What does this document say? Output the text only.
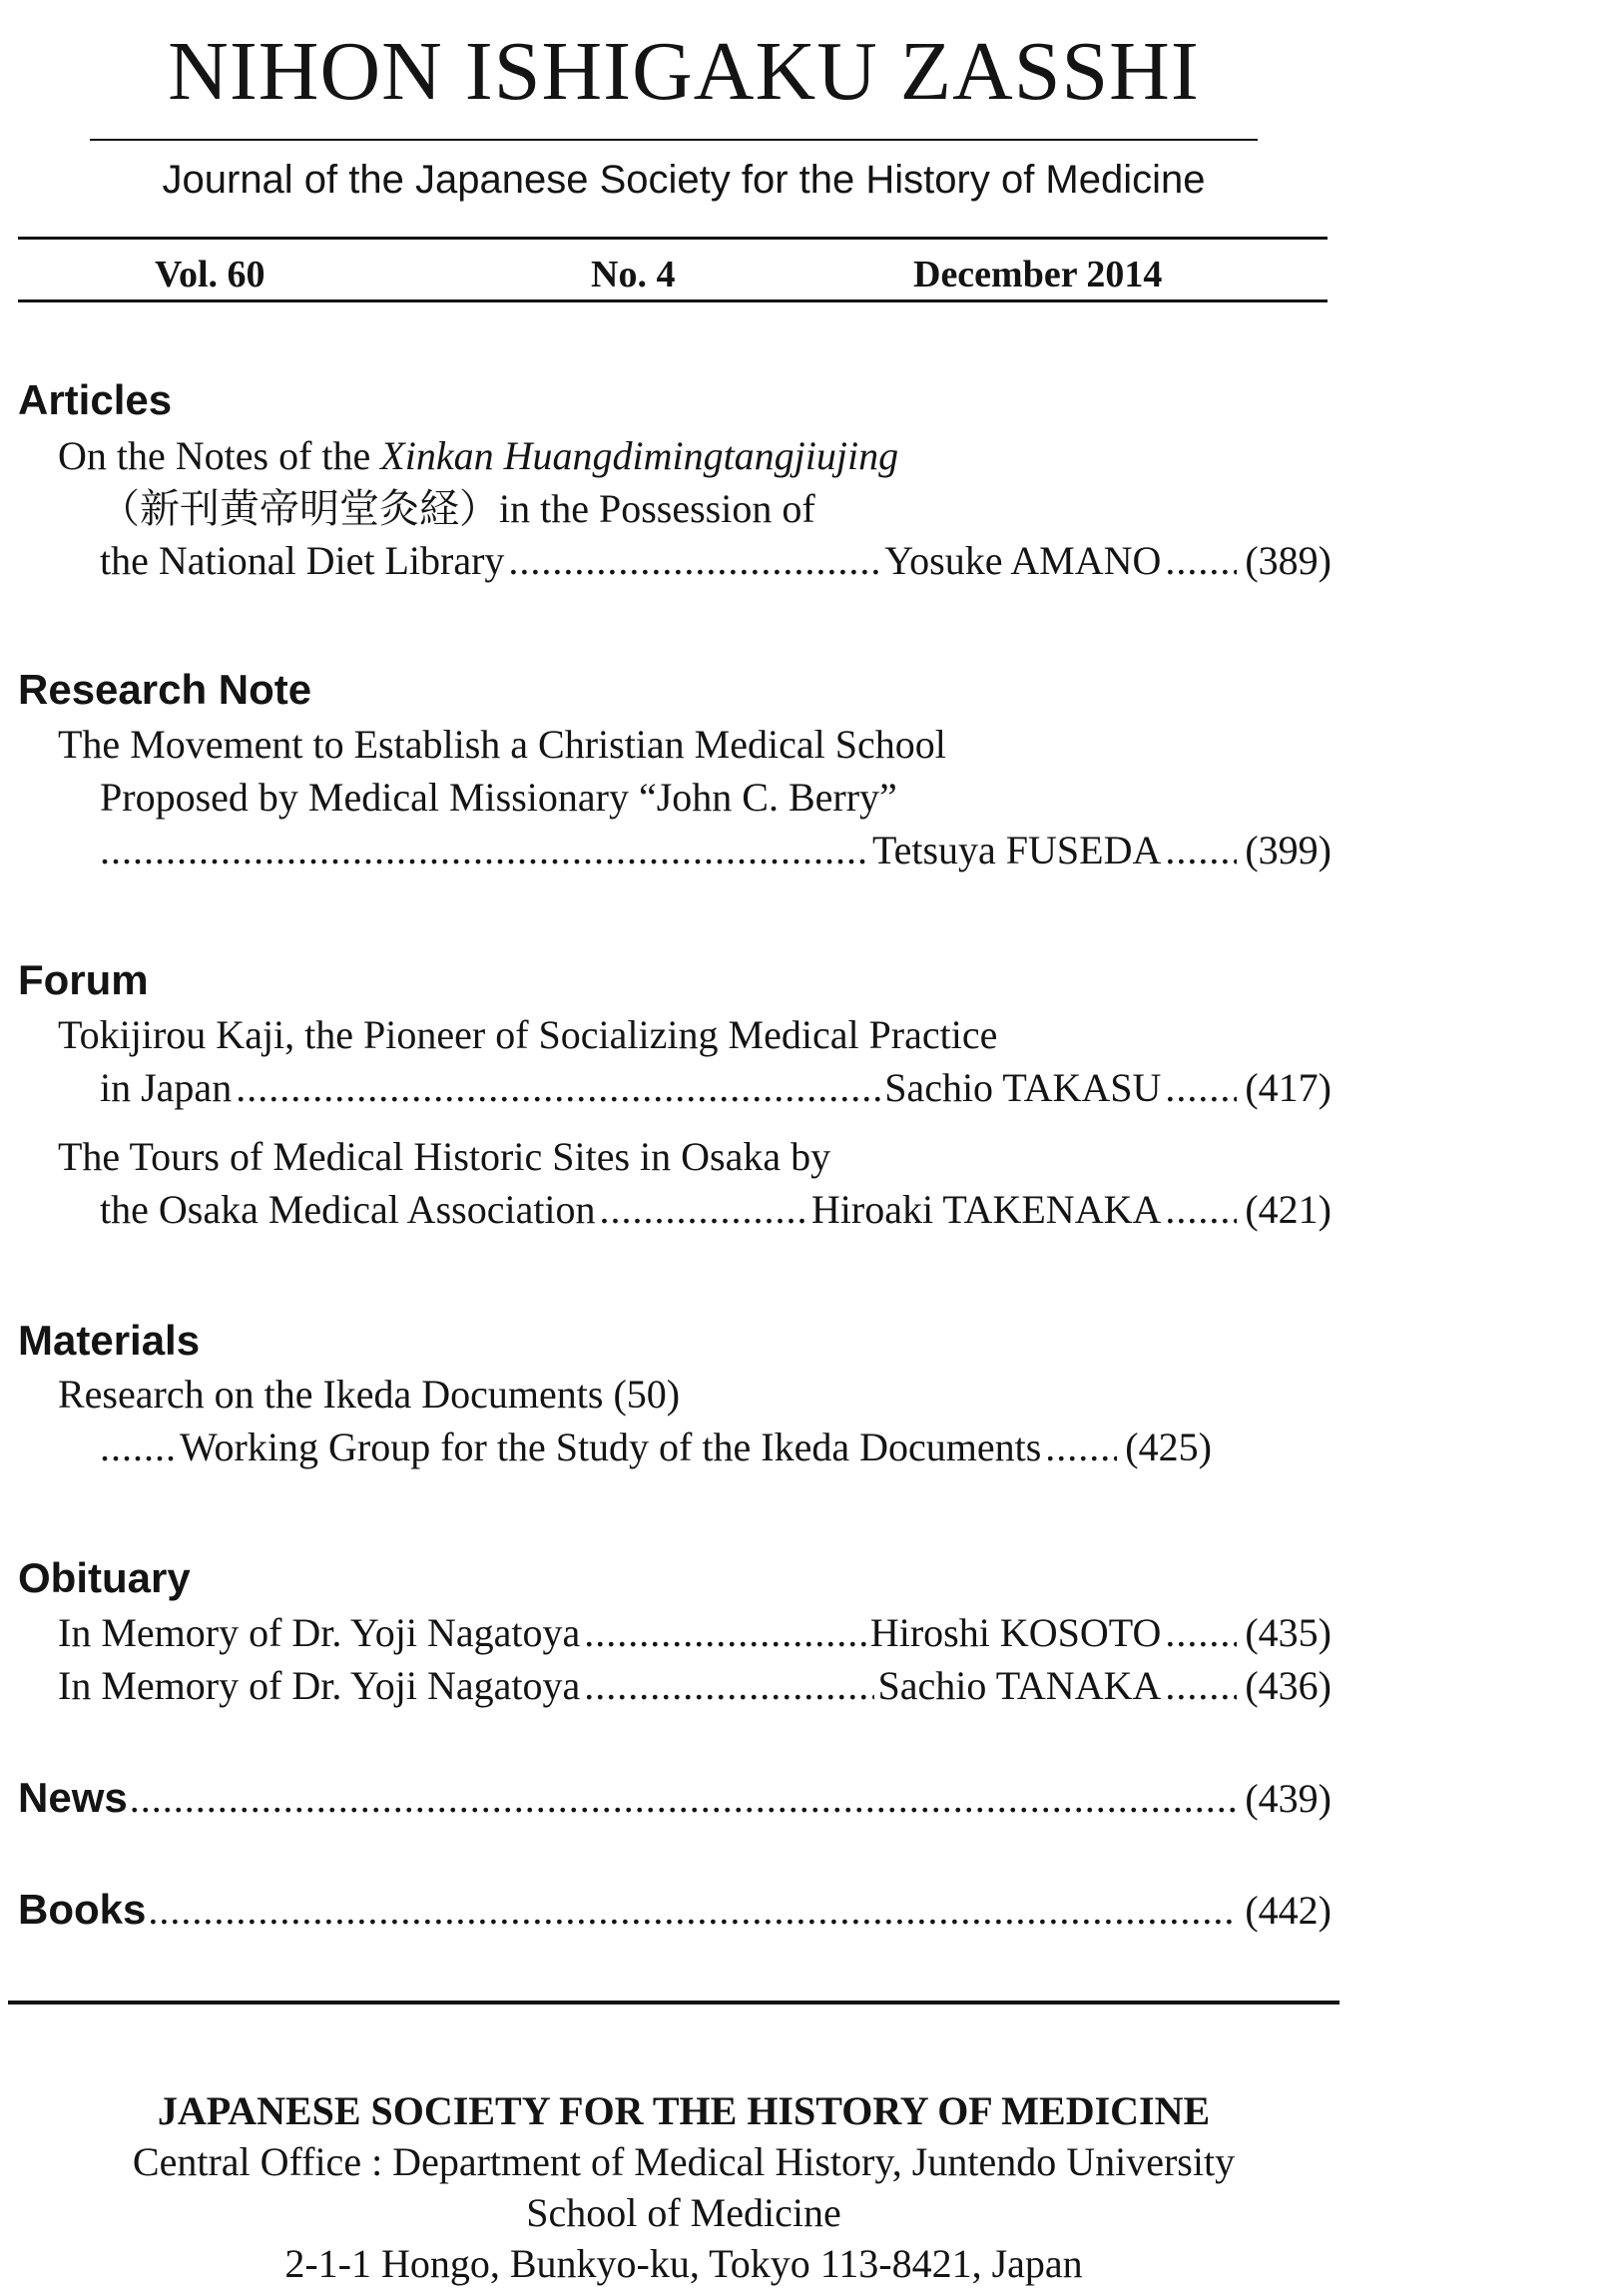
NIHON ISHIGAKU ZASSHI
Journal of the Japanese Society for the History of Medicine
Vol. 60	No. 4	December 2014
Articles
On the Notes of the Xinkan Huangdimingtangjiujing
（新刊黄帝明堂灸経）in the Possession of
the National Diet Library .....	Yosuke AMANO ..... (389)
Research Note
The Movement to Establish a Christian Medical School
Proposed by Medical Missionary “John C. Berry”
.....
Tetsuya FUSEDA ..... (399)
Forum
Tokijirou Kaji, the Pioneer of Socializing Medical Practice
in Japan .....	Sachio TAKASU ..... (417)
The Tours of Medical Historic Sites in Osaka by
the Osaka Medical Association .....	Hiroaki TAKENAKA ..... (421)
Materials
Research on the Ikeda Documents (50)
.....
Working Group for the Study of the Ikeda Documents ..... (425)
Obituary
In Memory of Dr. Yoji Nagatoya .....	Hiroshi KOSOTO ..... (435)
In Memory of Dr. Yoji Nagatoya .....	Sachio TANAKA ..... (436)
News .....	(439)
Books .....	(442)
JAPANESE SOCIETY FOR THE HISTORY OF MEDICINE
Central Office : Department of Medical History, Juntendo University
School of Medicine
2-1-1 Hongo, Bunkyo-ku, Tokyo 113-8421, Japan
